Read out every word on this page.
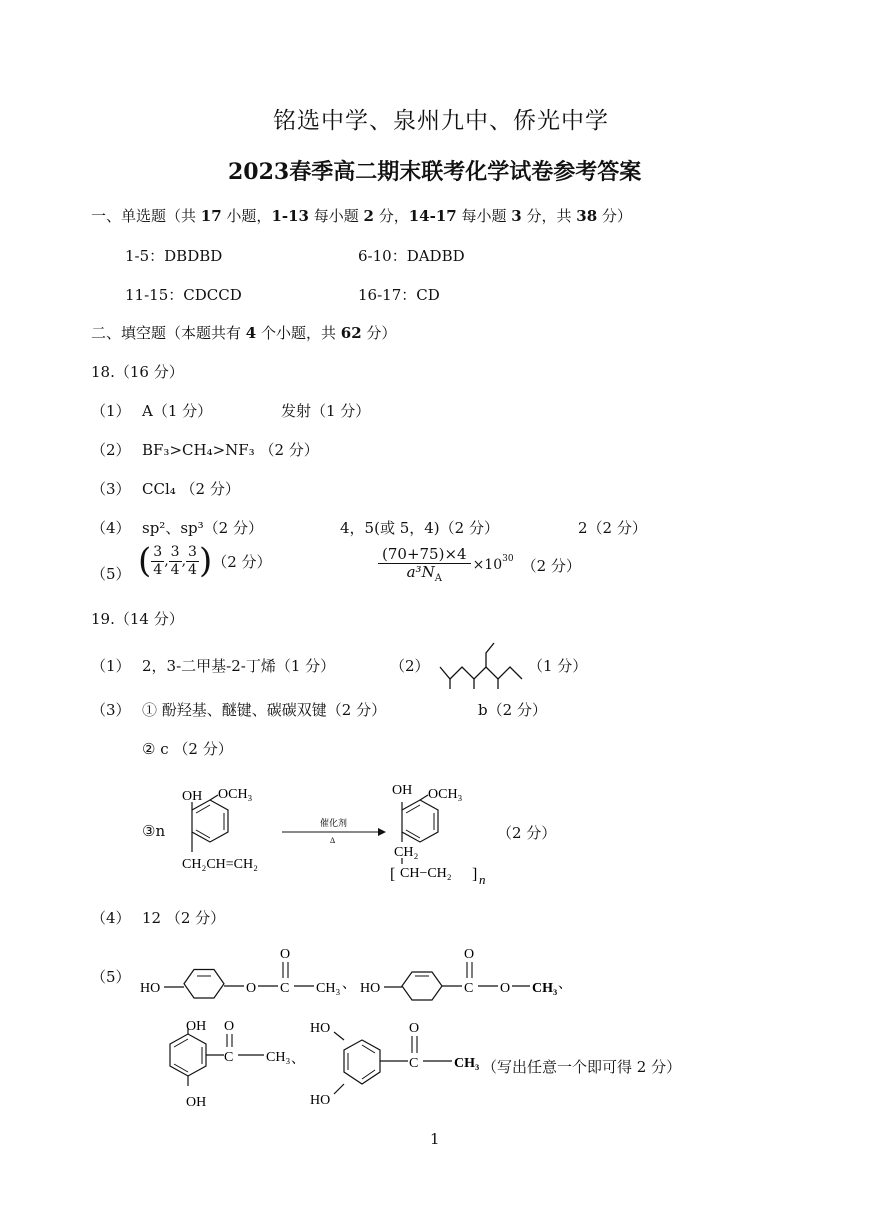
铭选中学、泉州九中、侨光中学
2023春季高二期末联考化学试卷参考答案
一、单选题（共 17 小题，1-13 每小题 2 分，14-17 每小题 3 分，共 38 分）
1-5：DBDBD	6-10：DADBD
11-15：CDCCD	16-17：CD
二、填空题（本题共有 4 个小题，共 62 分）
18.（16 分）
（1） A（1 分）	发射（1 分）
（2） BF₃>CH₄>NF₃ （2 分）
（3） CCl₄ （2 分）
（4） sp²、sp³（2 分）	4，5(或 5，4)（2 分）	2（2 分）
（5） ( $\frac{3}{4}$ , $\frac{3}{4}$ , $\frac{3}{4}$ ) （2 分）	$\frac{(70+75)\times 4}{a^3N_A} \times 10^{30}$ （2 分）
19.（14 分）
（1） 2，3-二甲基-2-丁烯（1 分）	（2）	（1 分）
（3） ① 酚羟基、醚键、碳碳双键（2 分）	b（2 分）
② c （2 分）
③n
OH OCH₃
CH₂CH=CH₂
催化剂
Δ
OH OCH₃
CH₂
[ CH−CH₂ ] n
（2 分）
（4） 12 （2 分）
（5）
HO	O C
O
CH₃ 、 HO	C
O
O CH₃ 、
OH
OH
C
O
CH₃ 、
HO
HO
C
O
CH₃ （写出任意一个即可得 2 分）
1
